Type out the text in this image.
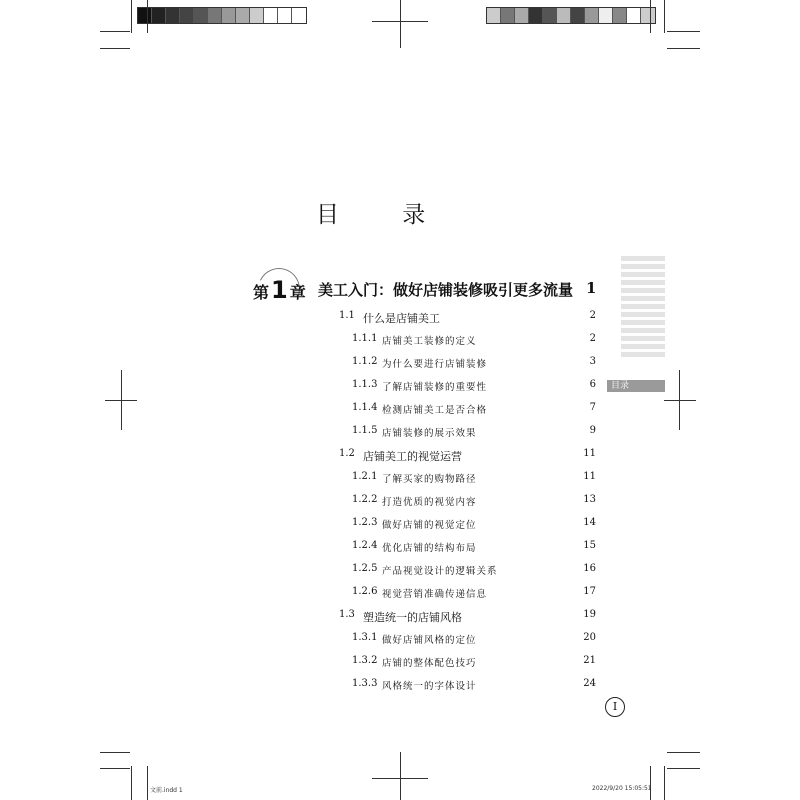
目 录
第 1 章 美工入门：做好店铺装修吸引更多流量 1
1.1 什么是店铺美工	2
1.1.1 店铺美工装修的定义	2
1.1.2 为什么要进行店铺装修	3
1.1.3 了解店铺装修的重要性	6
1.1.4 检测店铺美工是否合格	7
1.1.5 店铺装修的展示效果	9
1.2 店铺美工的视觉运营	11
1.2.1 了解买家的购物路径	11
1.2.2 打造优质的视觉内容	13
1.2.3 做好店铺的视觉定位	14
1.2.4 优化店铺的结构布局	15
1.2.5 产品视觉设计的逻辑关系	16
1.2.6 视觉营销准确传递信息	17
1.3 塑造统一的店铺风格	19
1.3.1 做好店铺风格的定位	20
1.3.2 店铺的整体配色技巧	21
1.3.3 风格统一的字体设计	24
目录
I
文前.indd 1	2022/9/20 15:05:51
